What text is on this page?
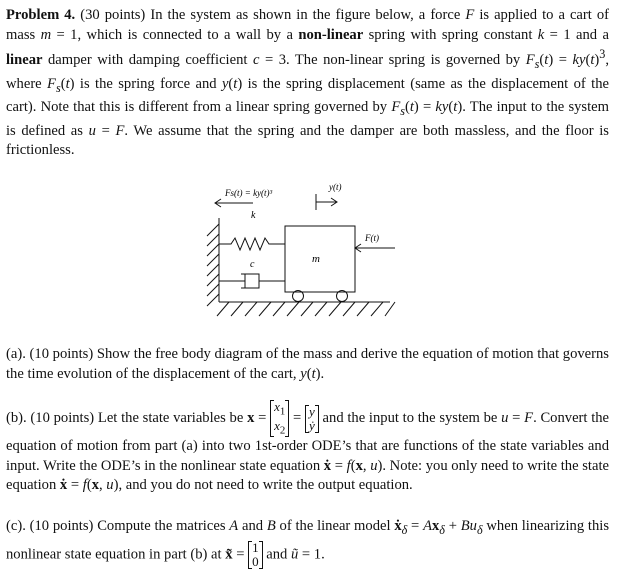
Problem 4. (30 points) In the system as shown in the figure below, a force F is applied to a cart of mass m = 1, which is connected to a wall by a non-linear spring with spring constant k = 1 and a linear damper with damping coefficient c = 3. The non-linear spring is governed by $F_s(t) = ky(t)^3$, where $F_s(t)$ is the spring force and y(t) is the spring displacement (same as the displacement of the cart). Note that this is different from a linear spring governed by $F_s(t) = ky(t)$. The input to the system is defined as u = F. We assume that the spring and the damper are both massless, and the floor is frictionless.

Fs(t) = ky(t)³
k
c	m
y(t)
F(t)

(a). (10 points) Show the free body diagram of the mass and derive the equation of motion that governs the time evolution of the displacement of the cart, y(t).

(b). (10 points) Let the state variables be x =
$x_1$
$x_2$
= y
ẏ and the input to the system be u = F. Convert the equation of motion from part (a) into two 1st-order ODE’s that are functions of the state variables and input. Write the ODE’s in the nonlinear state equation ẋ = f(x, u). Note: you only need to write the state equation ẋ = f(x, u), and you do not need to write the output equation.

(c). (10 points) Compute the matrices A and B of the linear model ẋ$_\delta$ = $Ax_\delta + Bu_\delta$ when linearizing this nonlinear state equation in part (b) at x̃ = 1
0 and ũ = 1.
